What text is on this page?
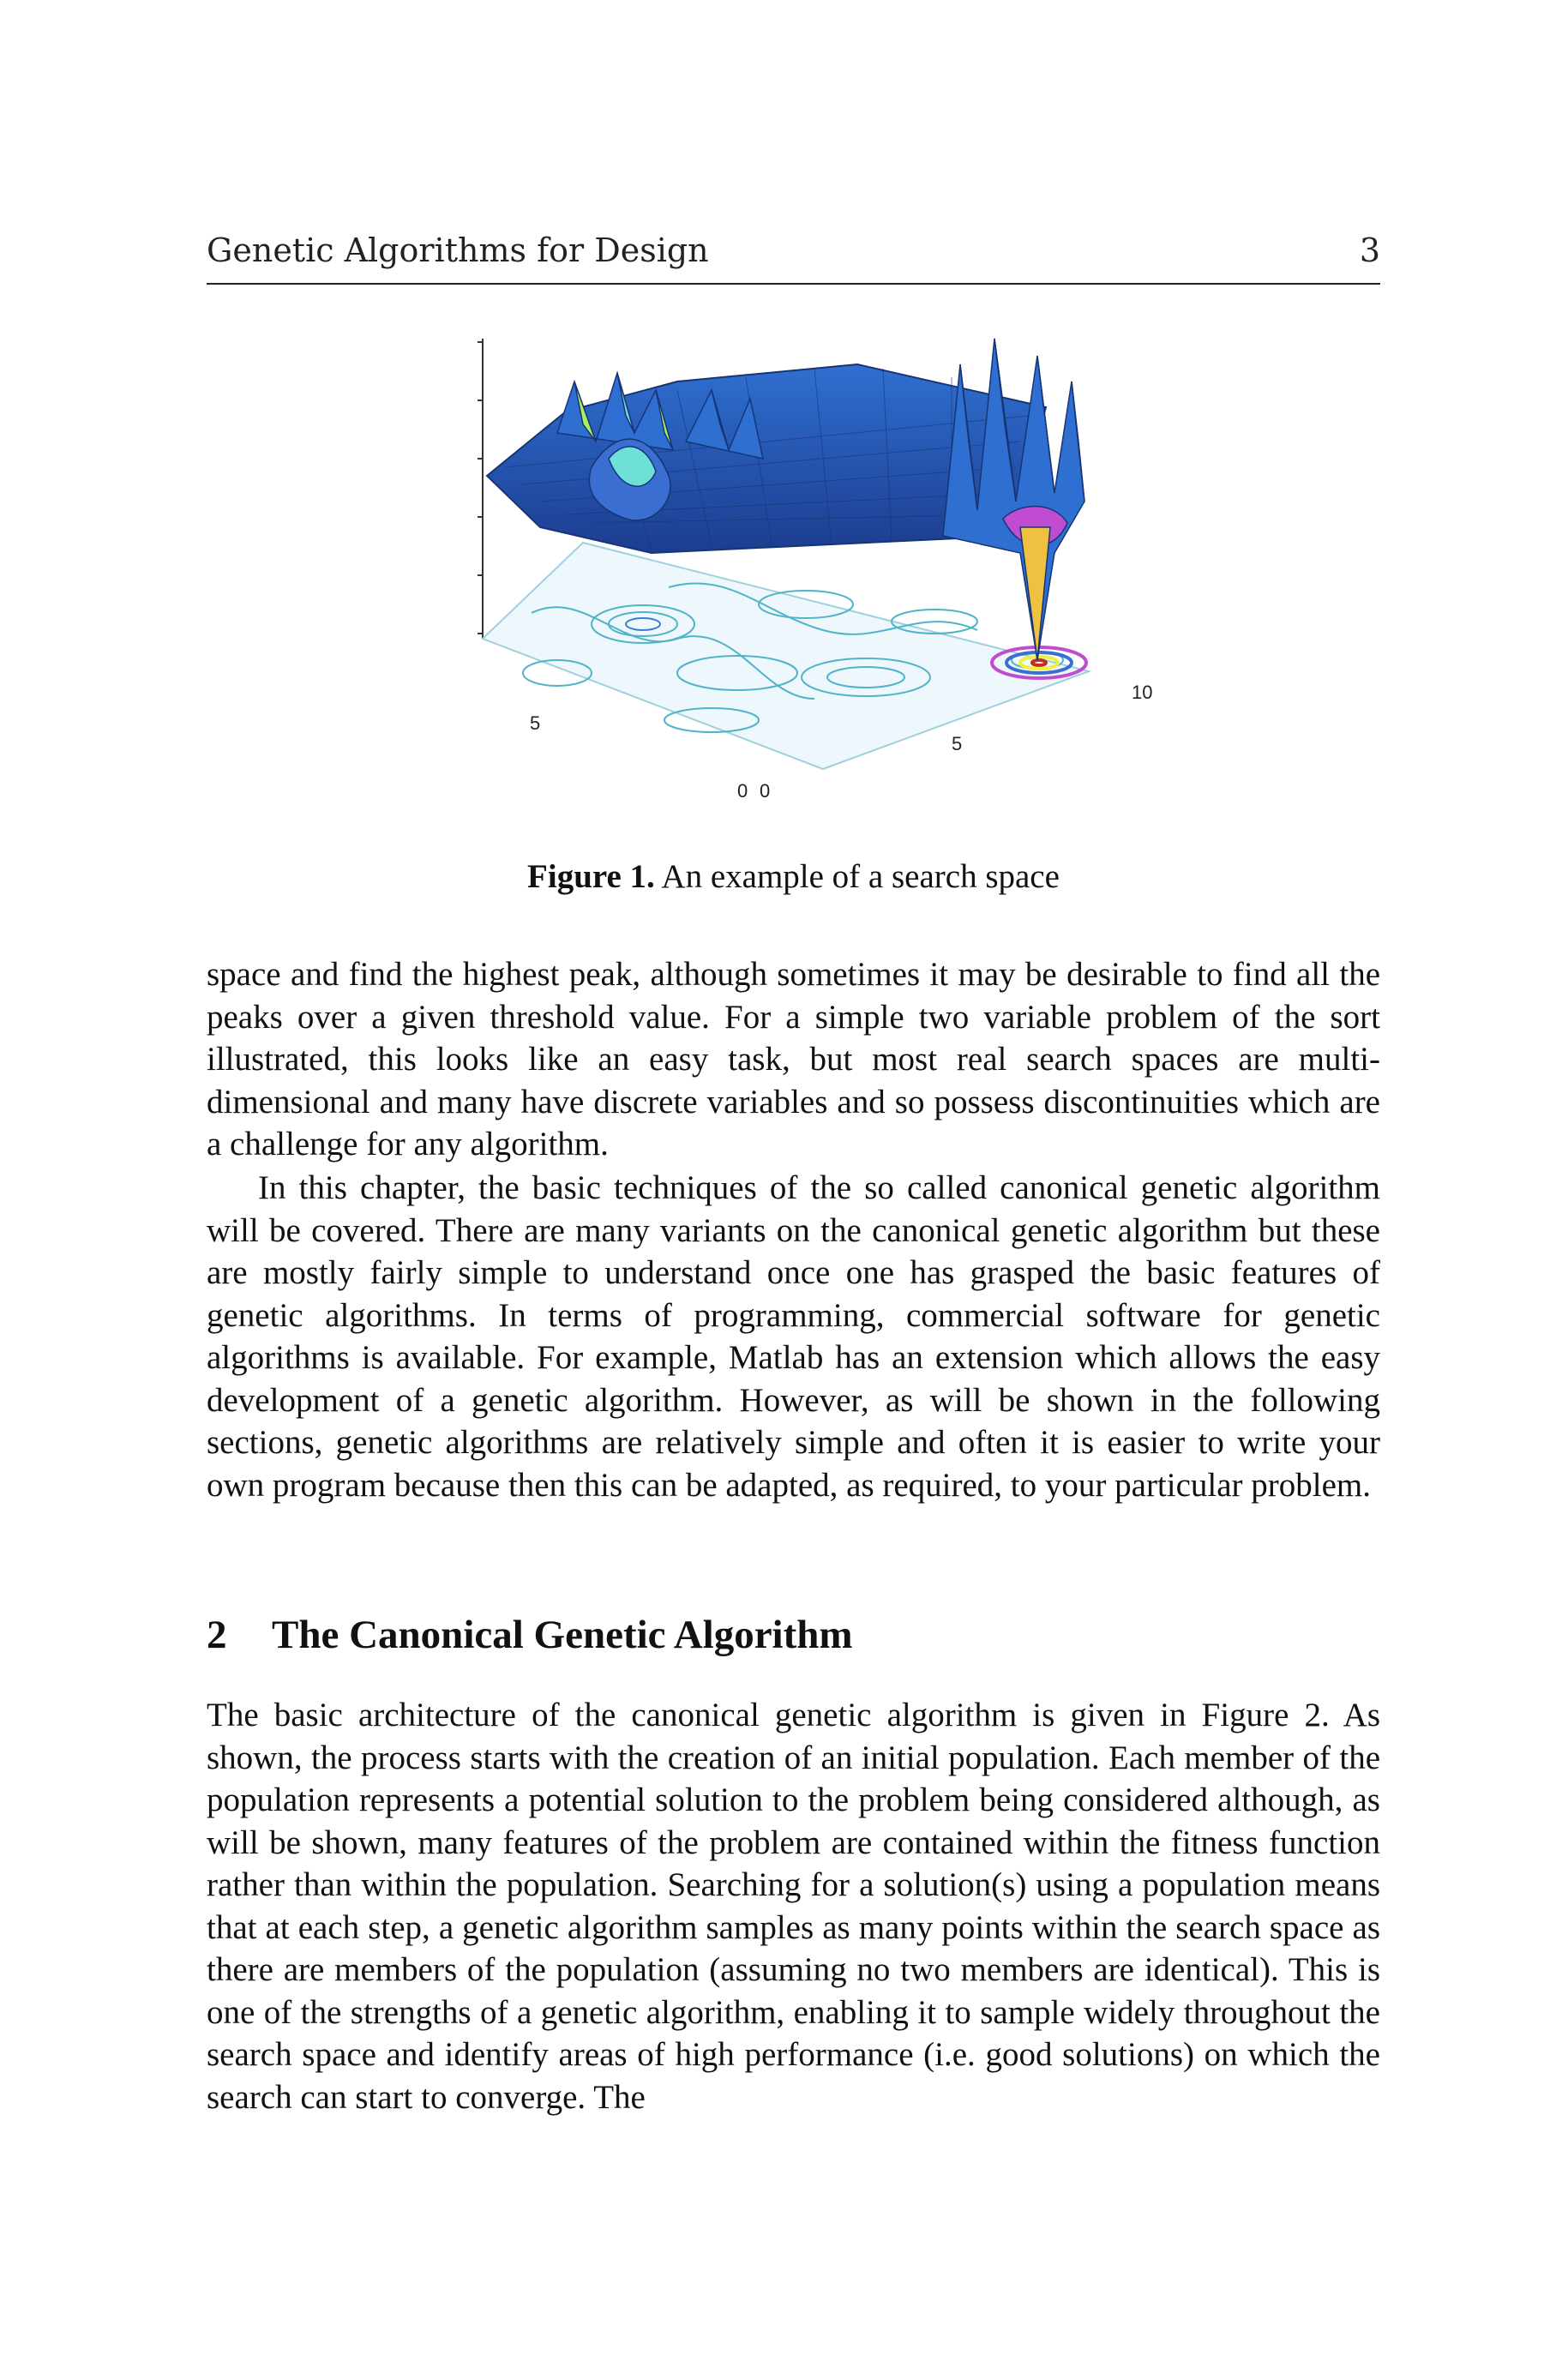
Genetic Algorithms for Design	3
5
0 0
5
10
Figure 1. An example of a search space

space and find the highest peak, although sometimes it may be desirable to find all the peaks over a given threshold value. For a simple two variable problem of the sort illustrated, this looks like an easy task, but most real search spaces are multi-dimensional and many have discrete variables and so possess discontinuities which are a challenge for any algorithm.

In this chapter, the basic techniques of the so called canonical genetic algorithm will be covered. There are many variants on the canonical genetic algorithm but these are mostly fairly simple to understand once one has grasped the basic features of genetic algorithms. In terms of programming, commercial software for genetic algorithms is available. For example, Matlab has an extension which allows the easy development of a genetic algorithm. However, as will be shown in the following sections, genetic algorithms are relatively simple and often it is easier to write your own program because then this can be adapted, as required, to your particular problem.

2 The Canonical Genetic Algorithm

The basic architecture of the canonical genetic algorithm is given in Figure 2. As shown, the process starts with the creation of an initial population. Each member of the population represents a potential solution to the problem being considered although, as will be shown, many features of the problem are contained within the fitness function rather than within the population. Searching for a solution(s) using a population means that at each step, a genetic algorithm samples as many points within the search space as there are members of the population (assuming no two members are identical). This is one of the strengths of a genetic algorithm, enabling it to sample widely throughout the search space and identify areas of high performance (i.e. good solutions) on which the search can start to converge. The
